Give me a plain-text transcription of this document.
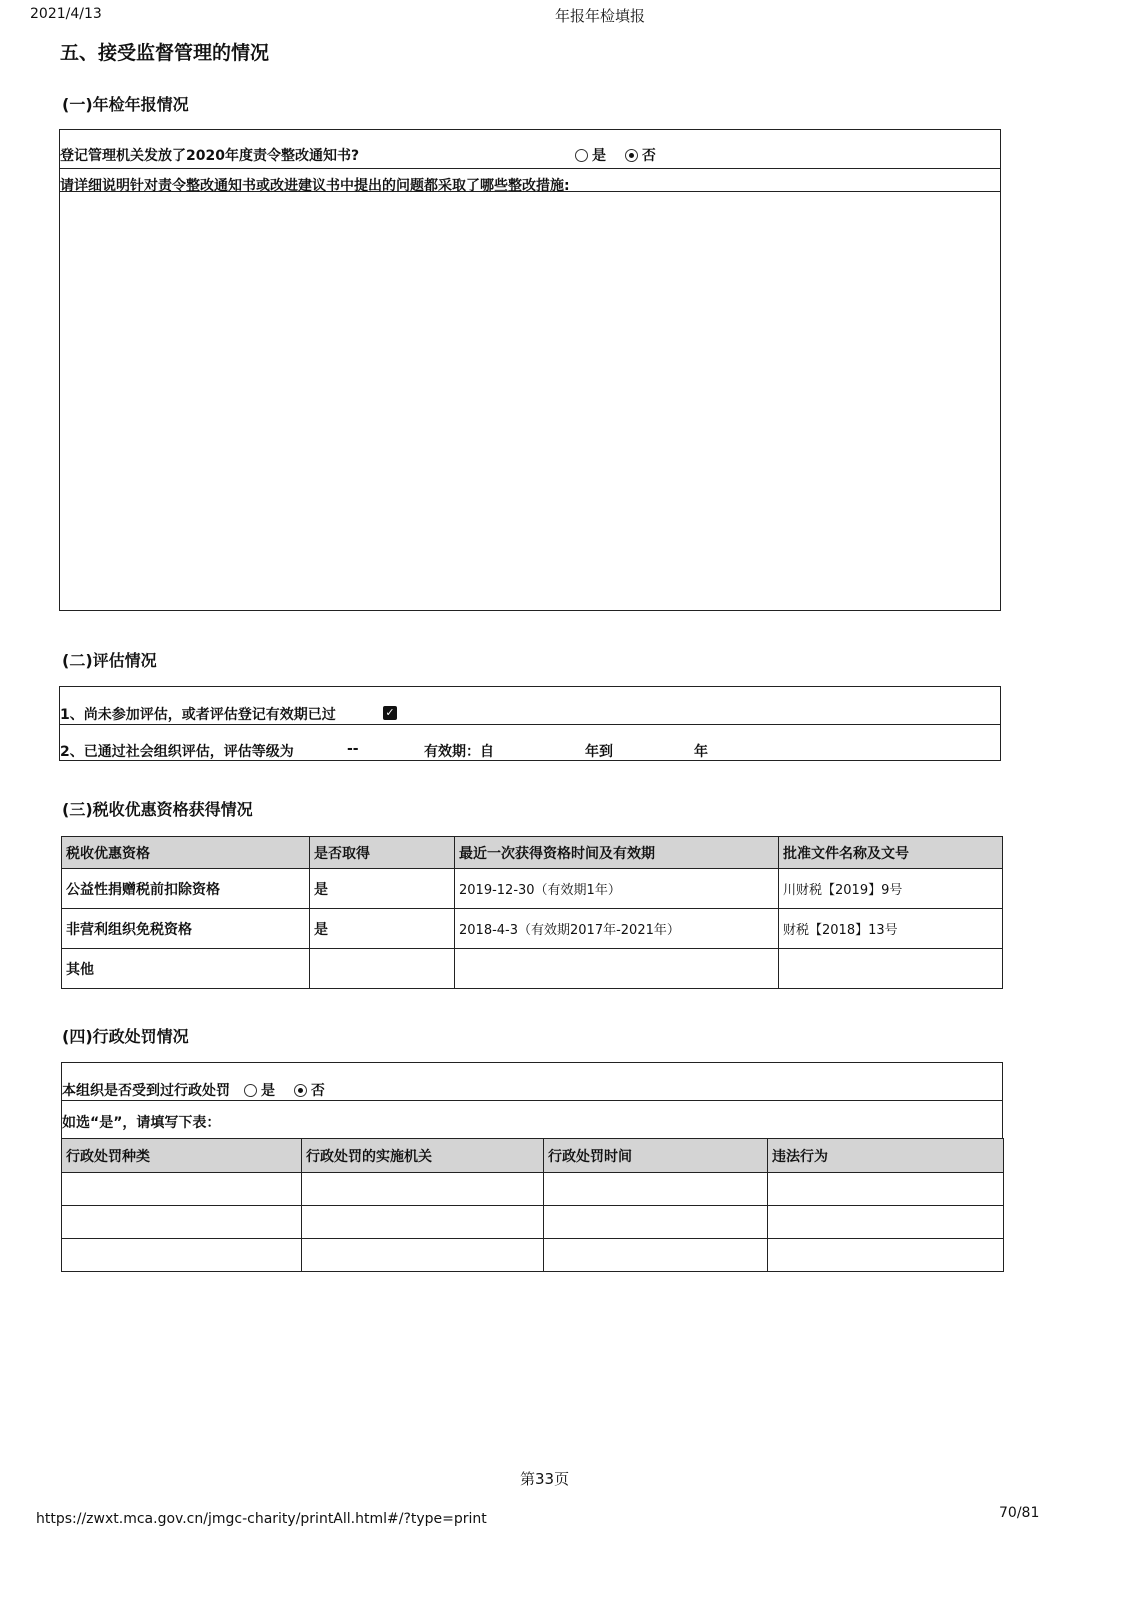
2021/4/13	年报年检填报
五、接受监督管理的情况
(一)年检年报情况
登记管理机关发放了2020年度责令整改通知书?	是	否
请详细说明针对责令整改通知书或改进建议书中提出的问题都采取了哪些整改措施:
(二)评估情况
1、尚未参加评估，或者评估登记有效期已过	✓
2、已通过社会组织评估，评估等级为	--	有效期：自	年到	年
(三)税收优惠资格获得情况
税收优惠资格	是否取得	最近一次获得资格时间及有效期	批准文件名称及文号
公益性捐赠税前扣除资格	是	2019-12-30（有效期1年）	川财税【2019】9号
非营利组织免税资格	是	2018-4-3（有效期2017年-2021年）	财税【2018】13号
其他			
(四)行政处罚情况
本组织是否受到过行政处罚	是	否
如选“是”，请填写下表：
行政处罚种类	行政处罚的实施机关	行政处罚时间	违法行为

第33页
https://zwxt.mca.gov.cn/jmgc-charity/printAll.html#/?type=print	70/81
